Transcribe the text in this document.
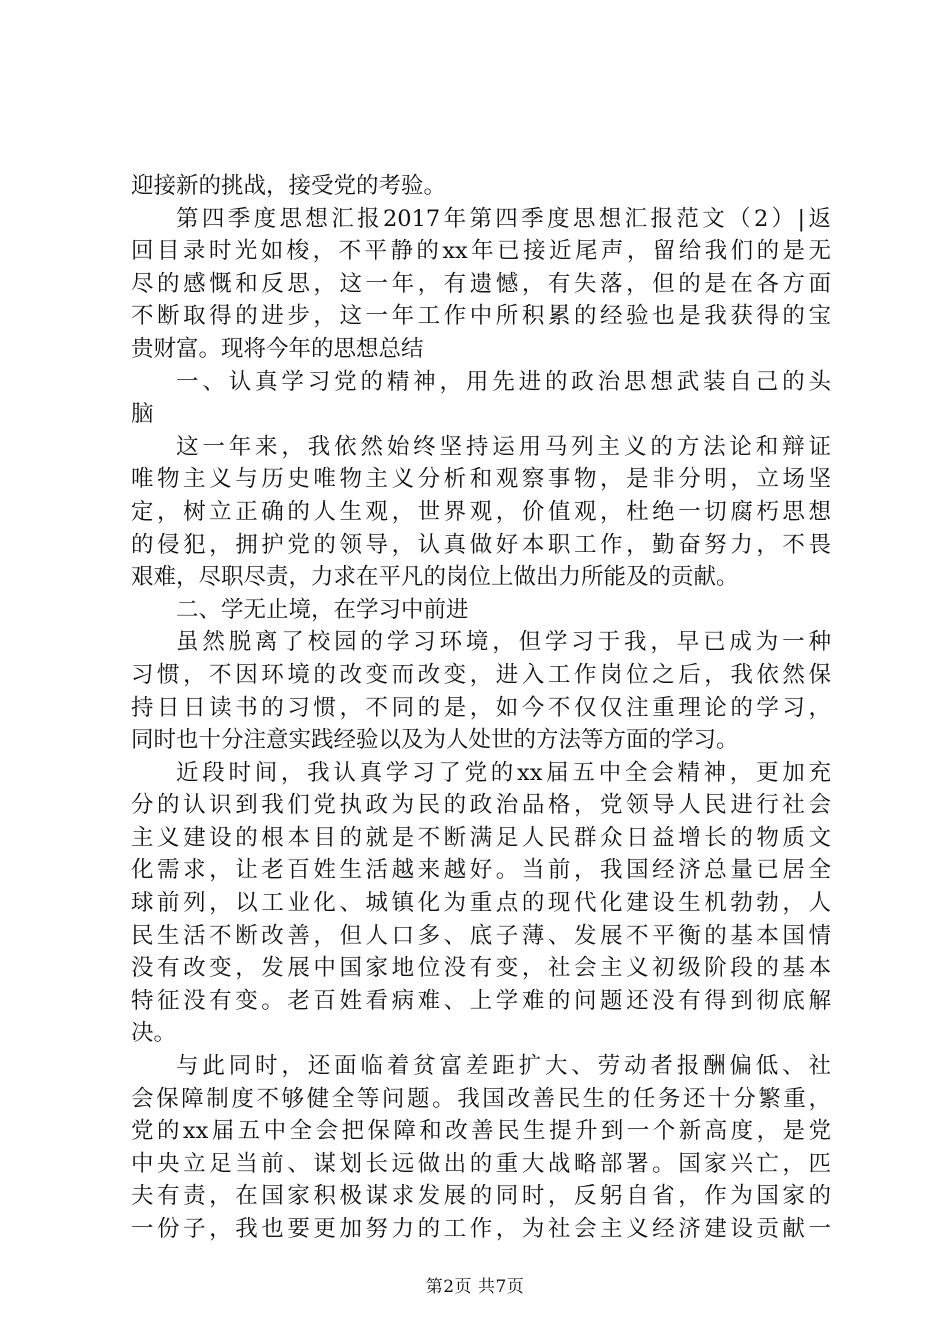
迎接新的挑战，接受党的考验。
第四季度思想汇报2017年第四季度思想汇报范文（2）|返
回目录时光如梭，不平静的xx年已接近尾声，留给我们的是无
尽的感慨和反思，这一年，有遗憾，有失落，但的是在各方面
不断取得的进步，这一年工作中所积累的经验也是我获得的宝
贵财富。现将今年的思想总结
一、认真学习党的精神，用先进的政治思想武装自己的头
脑
这一年来，我依然始终坚持运用马列主义的方法论和辩证
唯物主义与历史唯物主义分析和观察事物，是非分明，立场坚
定，树立正确的人生观，世界观，价值观，杜绝一切腐朽思想
的侵犯，拥护党的领导，认真做好本职工作，勤奋努力，不畏
艰难，尽职尽责，力求在平凡的岗位上做出力所能及的贡献。
二、学无止境，在学习中前进
虽然脱离了校园的学习环境，但学习于我，早已成为一种
习惯，不因环境的改变而改变，进入工作岗位之后，我依然保
持日日读书的习惯，不同的是，如今不仅仅注重理论的学习，
同时也十分注意实践经验以及为人处世的方法等方面的学习。
近段时间，我认真学习了党的xx届五中全会精神，更加充
分的认识到我们党执政为民的政治品格，党领导人民进行社会
主义建设的根本目的就是不断满足人民群众日益增长的物质文
化需求，让老百姓生活越来越好。当前，我国经济总量已居全
球前列，以工业化、城镇化为重点的现代化建设生机勃勃，人
民生活不断改善，但人口多、底子薄、发展不平衡的基本国情
没有改变，发展中国家地位没有变，社会主义初级阶段的基本
特征没有变。老百姓看病难、上学难的问题还没有得到彻底解
决。
与此同时，还面临着贫富差距扩大、劳动者报酬偏低、社
会保障制度不够健全等问题。我国改善民生的任务还十分繁重，
党的xx届五中全会把保障和改善民生提升到一个新高度，是党
中央立足当前、谋划长远做出的重大战略部署。国家兴亡，匹
夫有责，在国家积极谋求发展的同时，反躬自省，作为国家的
一份子，我也要更加努力的工作，为社会主义经济建设贡献一
第2页 共7页
